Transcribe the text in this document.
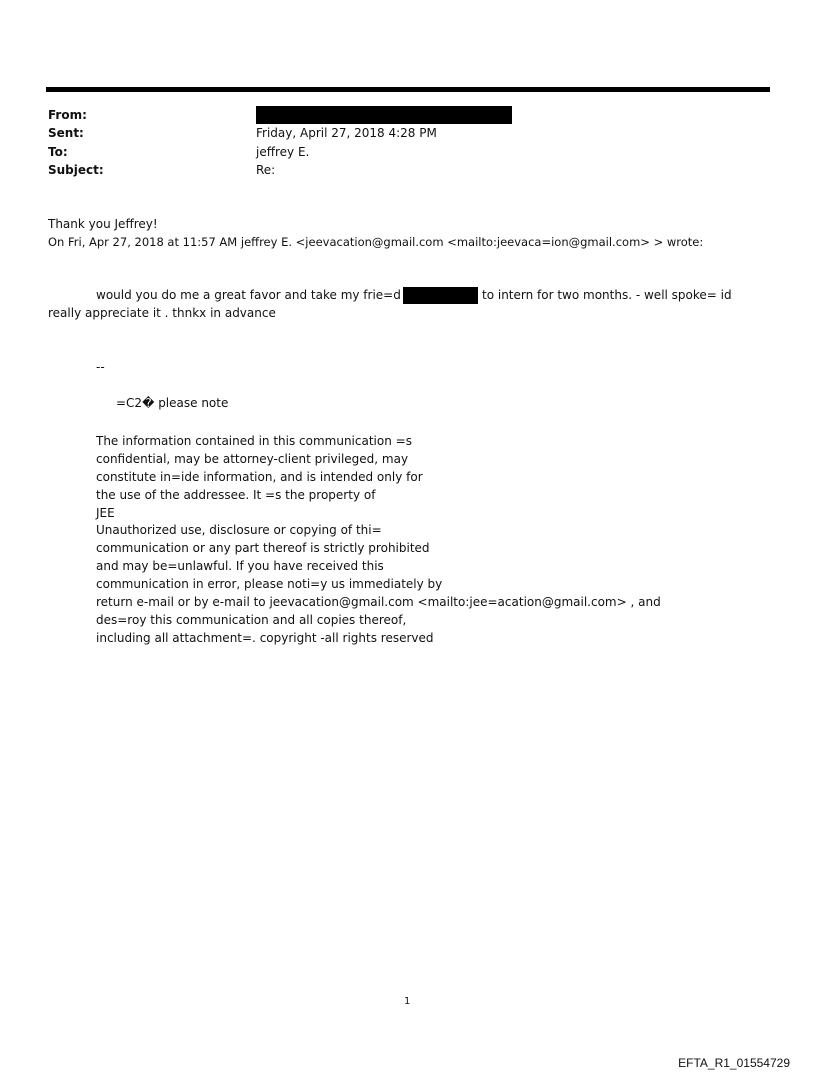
From:
Sent:	Friday, April 27, 2018 4:28 PM
To:	jeffrey E.
Subject:	Re:
Thank you Jeffrey!
On Fri, Apr 27, 2018 at 11:57 AM jeffrey E. <jeevacation@gmail.com <mailto:jeevaca=ion@gmail.com> > wrote:
would you do me a great favor and take my frie=d	to intern for two months. - well spoke= id
really appreciate it . thnkx in advance
--
=C2� please note
The information contained in this communication =s
confidential, may be attorney-client privileged, may
constitute in=ide information, and is intended only for
the use of the addressee. It =s the property of
JEE
Unauthorized use, disclosure or copying of thi=
communication or any part thereof is strictly prohibited
and may be=unlawful. If you have received this
communication in error, please noti=y us immediately by
return e-mail or by e-mail to jeevacation@gmail.com <mailto:jee=acation@gmail.com> , and
des=roy this communication and all copies thereof,
including all attachment=. copyright -all rights reserved
1
EFTA_R1_01554729
